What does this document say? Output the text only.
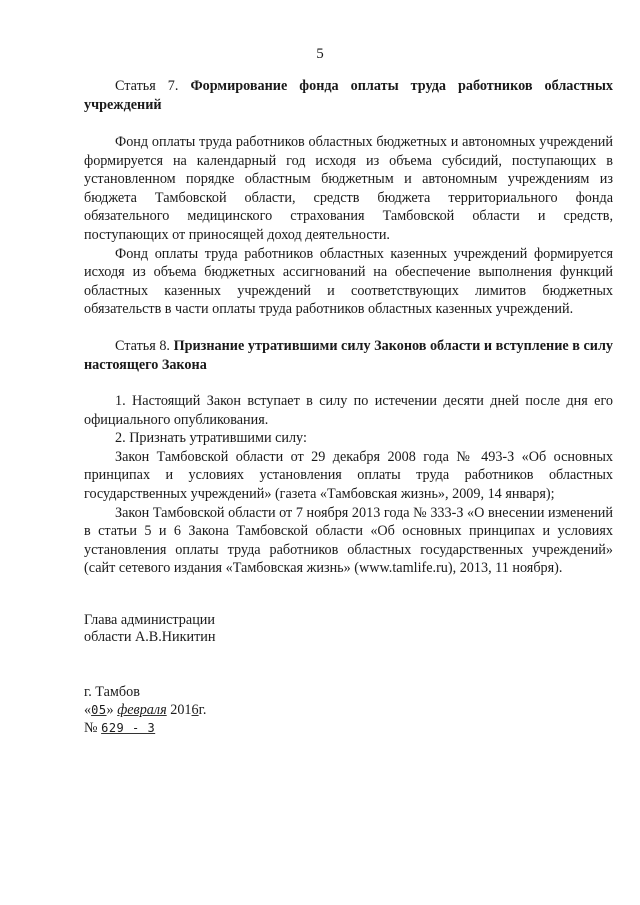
5

Статья 7. Формирование фонда оплаты труда работников областных учреждений

Фонд оплаты труда работников областных бюджетных и автономных учреждений формируется на календарный год исходя из объема субсидий, поступающих в установленном порядке областным бюджетным и автономным учреждениям из бюджета Тамбовской области, средств бюджета территориального фонда обязательного медицинского страхования Тамбовской области и средств, поступающих от приносящей доход деятельности.

Фонд оплаты труда работников областных казенных учреждений формируется исходя из объема бюджетных ассигнований на обеспечение выполнения функций областных казенных учреждений и соответствующих лимитов бюджетных обязательств в части оплаты труда работников областных казенных учреждений.

Статья 8. Признание утратившими силу Законов области и вступление в силу настоящего Закона

1. Настоящий Закон вступает в силу по истечении десяти дней после дня его официального опубликования.

2. Признать утратившими силу:

Закон Тамбовской области от 29 декабря 2008 года № 493-З «Об основных принципах и условиях установления оплаты труда работников областных государственных учреждений» (газета «Тамбовская жизнь», 2009, 14 января);

Закон Тамбовской области от 7 ноября 2013 года № 333-З «О внесении изменений в статьи 5 и 6 Закона Тамбовской области «Об основных принципах и условиях установления оплаты труда работников областных государственных учреждений» (сайт сетевого издания «Тамбовская жизнь» (www.tamlife.ru), 2013, 11 ноября).

Глава администрации
области А.В.Никитин
г. Тамбов
«05» февраля 2016г.
№ 629 - З
